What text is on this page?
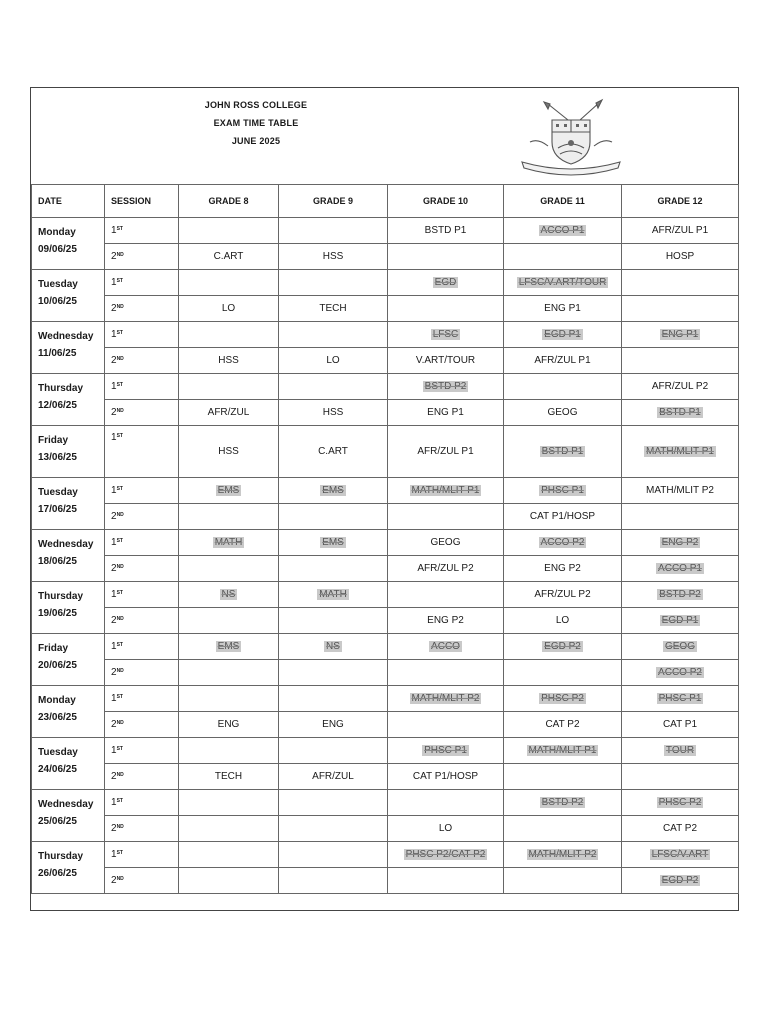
JOHN ROSS COLLEGE
EXAM TIME TABLE
JUNE 2025
DATE	SESSION	GRADE 8	GRADE 9	GRADE 10	GRADE 11	GRADE 12

Monday
09/06/25	1ST			BSTD P1	ACCO P1	AFR/ZUL P1
	2ND	C.ART	HSS			HOSP

Tuesday
10/06/25	1ST			EGD	LFSC/V.ART/TOUR	
	2ND	LO	TECH		ENG P1	

Wednesday
11/06/25	1ST			LFSC	EGD P1	ENG P1
	2ND	HSS	LO	V.ART/TOUR	AFR/ZUL P1	

Thursday
12/06/25	1ST			BSTD P2		AFR/ZUL P2
	2ND	AFR/ZUL	HSS	ENG P1	GEOG	BSTD P1

Friday
13/06/25	1ST	HSS	C.ART	AFR/ZUL P1	BSTD P1	MATH/MLIT P1

Tuesday
17/06/25	1ST	EMS	EMS	MATH/MLIT P1	PHSC P1	MATH/MLIT P2
	2ND				CAT P1/HOSP	

Wednesday
18/06/25	1ST	MATH	EMS	GEOG	ACCO P2	ENG P2
	2ND			AFR/ZUL P2	ENG P2	ACCO P1

Thursday
19/06/25	1ST	NS	MATH		AFR/ZUL P2	BSTD P2
	2ND			ENG P2	LO	EGD P1

Friday
20/06/25	1ST	EMS	NS	ACCO	EGD P2	GEOG
	2ND					ACCO P2

Monday
23/06/25	1ST			MATH/MLIT P2	PHSC P2	PHSC P1
	2ND	ENG	ENG		CAT P2	CAT P1

Tuesday
24/06/25	1ST			PHSC P1	MATH/MLIT P1	TOUR
	2ND	TECH	AFR/ZUL	CAT P1/HOSP		

Wednesday
25/06/25	1ST				BSTD P2	PHSC P2
	2ND			LO		CAT P2

Thursday
26/06/25	1ST			PHSC P2/CAT P2	MATH/MLIT P2	LFSC/V.ART
	2ND					EGD P2
